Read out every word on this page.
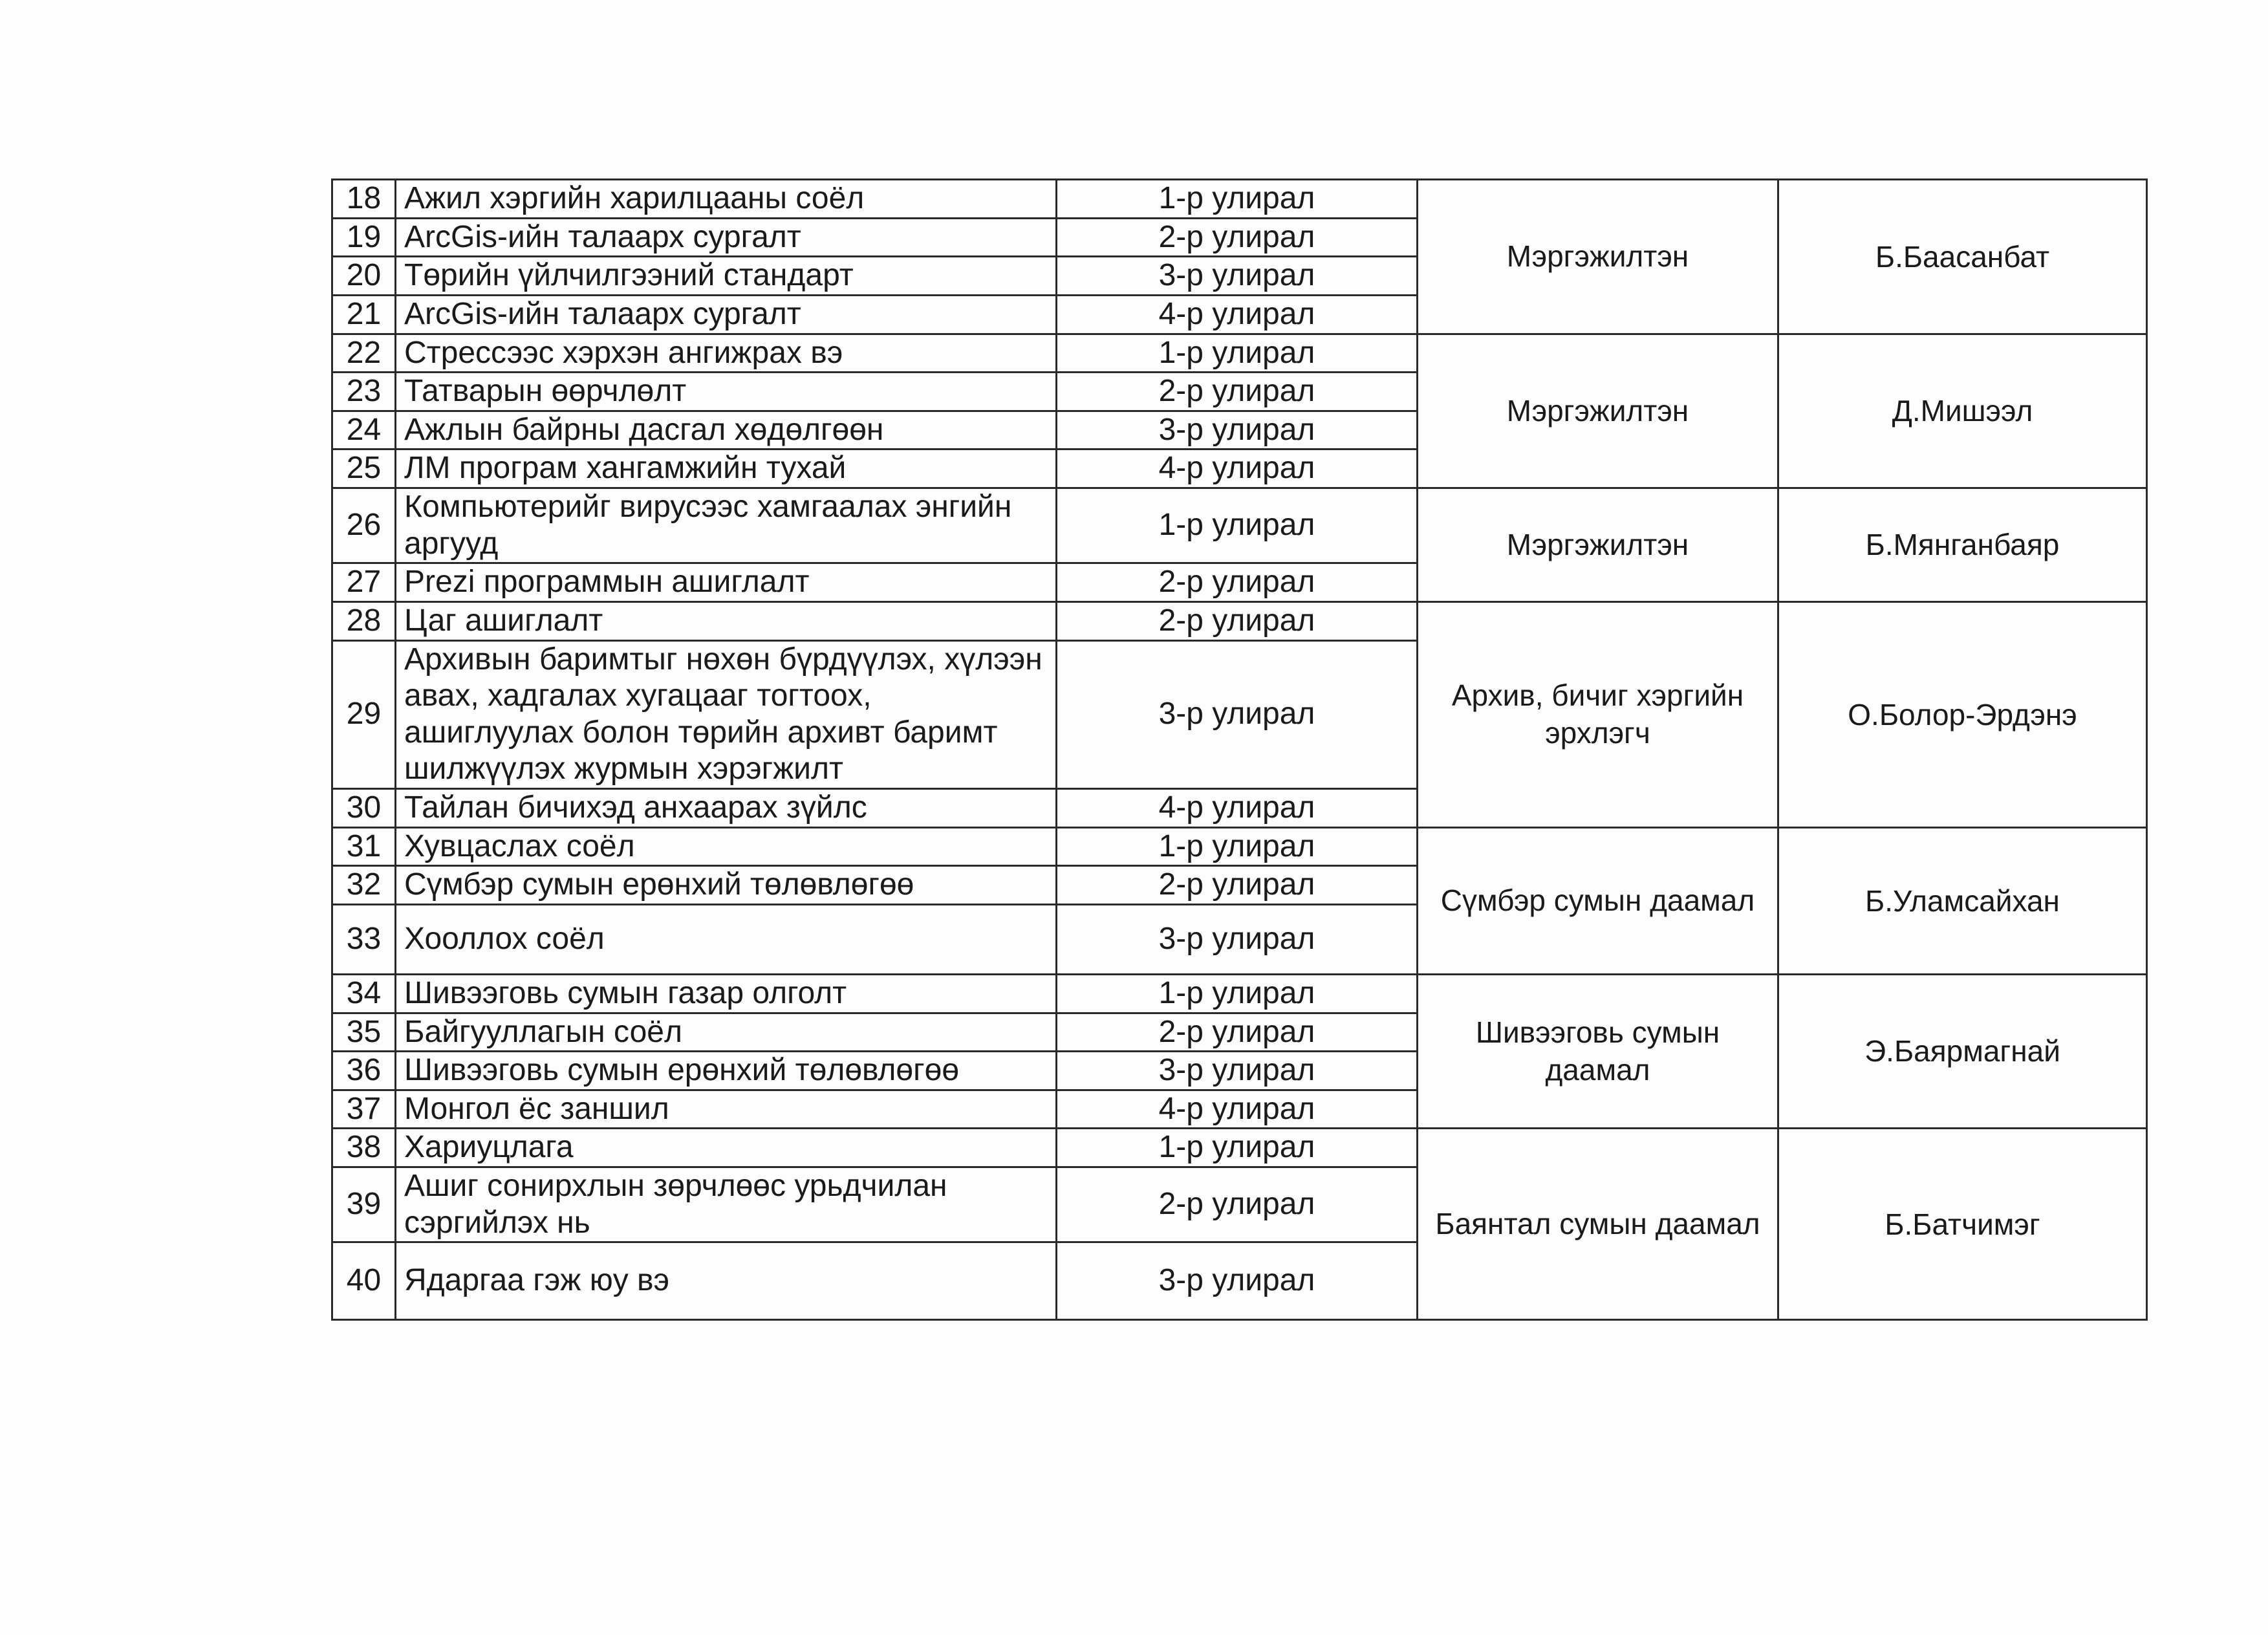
18	Ажил хэргийн харилцааны соёл	1-р улирал	Мэргэжилтэн	Б.Баасанбат
19	ArcGis-ийн талаарх сургалт	2-р улирал		
20	Төрийн үйлчилгээний стандарт	3-р улирал		
21	ArcGis-ийн талаарх сургалт	4-р улирал		
22	Стрессээс хэрхэн ангижрах вэ	1-р улирал	Мэргэжилтэн	Д.Мишээл
23	Татварын өөрчлөлт	2-р улирал		
24	Ажлын байрны дасгал хөдөлгөөн	3-р улирал		
25	ЛМ програм хангамжийн тухай	4-р улирал		
26	Компьютерийг вирусээс хамгаалах энгийн аргууд	1-р улирал	Мэргэжилтэн	Б.Мянганбаяр
27	Prezi программын ашиглалт	2-р улирал		
28	Цаг ашиглалт	2-р улирал	Архив, бичиг хэргийн эрхлэгч	О.Болор-Эрдэнэ
29	Архивын баримтыг нөхөн бүрдүүлэх, хүлээн авах, хадгалах хугацааг тогтоох, ашиглуулах болон төрийн архивт баримт шилжүүлэх журмын хэрэгжилт	3-р улирал		
30	Тайлан бичихэд анхаарах зүйлс	4-р улирал		
31	Хувцаслах соёл	1-р улирал	Сүмбэр сумын даамал	Б.Уламсайхан
32	Сүмбэр сумын ерөнхий төлөвлөгөө	2-р улирал		
33	Хооллох соёл	3-р улирал		
34	Шивээговь сумын газар олголт	1-р улирал	Шивээговь сумын даамал	Э.Баярмагнай
35	Байгууллагын соёл	2-р улирал		
36	Шивээговь сумын ерөнхий төлөвлөгөө	3-р улирал		
37	Монгол ёс заншил	4-р улирал		
38	Хариуцлага	1-р улирал	Баянтал сумын даамал	Б.Батчимэг
39	Ашиг сонирхлын зөрчлөөс урьдчилан сэргийлэх нь	2-р улирал		
40	Ядаргаа гэж юу вэ	3-р улирал		
